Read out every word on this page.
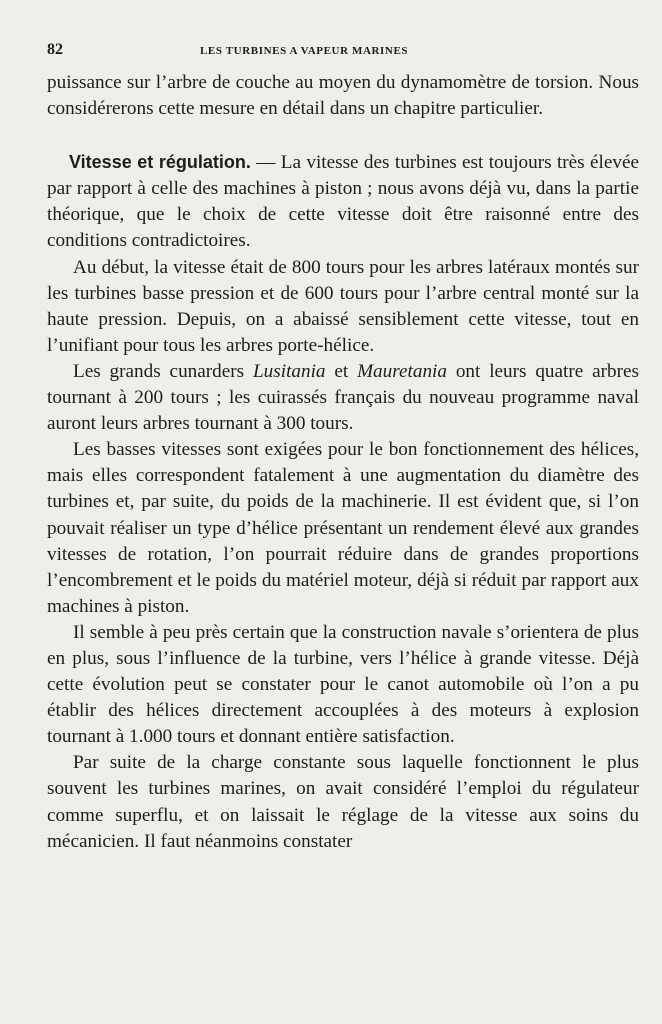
82	LES TURBINES A VAPEUR MARINES

puissance sur l’arbre de couche au moyen du dynamomètre de torsion. Nous considérerons cette mesure en détail dans un chapitre particulier.

Vitesse et régulation. — La vitesse des turbines est toujours très élevée par rapport à celle des machines à piston ; nous avons déjà vu, dans la partie théorique, que le choix de cette vitesse doit être raisonné entre des conditions contradictoires.

Au début, la vitesse était de 800 tours pour les arbres latéraux montés sur les turbines basse pression et de 600 tours pour l’arbre central monté sur la haute pression. Depuis, on a abaissé sensiblement cette vitesse, tout en l’unifiant pour tous les arbres porte-hélice.

Les grands cunarders Lusitania et Mauretania ont leurs quatre arbres tournant à 200 tours ; les cuirassés français du nouveau programme naval auront leurs arbres tournant à 300 tours.

Les basses vitesses sont exigées pour le bon fonctionnement des hélices, mais elles correspondent fatalement à une augmentation du diamètre des turbines et, par suite, du poids de la machinerie. Il est évident que, si l’on pouvait réaliser un type d’hélice présentant un rendement élevé aux grandes vitesses de rotation, l’on pourrait réduire dans de grandes proportions l’encombrement et le poids du matériel moteur, déjà si réduit par rapport aux machines à piston.

Il semble à peu près certain que la construction navale s’orientera de plus en plus, sous l’influence de la turbine, vers l’hélice à grande vitesse. Déjà cette évolution peut se constater pour le canot automobile où l’on a pu établir des hélices directement accouplées à des moteurs à explosion tournant à 1.000 tours et donnant entière satisfaction.

Par suite de la charge constante sous laquelle fonctionnent le plus souvent les turbines marines, on avait considéré l’emploi du régulateur comme superflu, et on laissait le réglage de la vitesse aux soins du mécanicien. Il faut néanmoins constater
